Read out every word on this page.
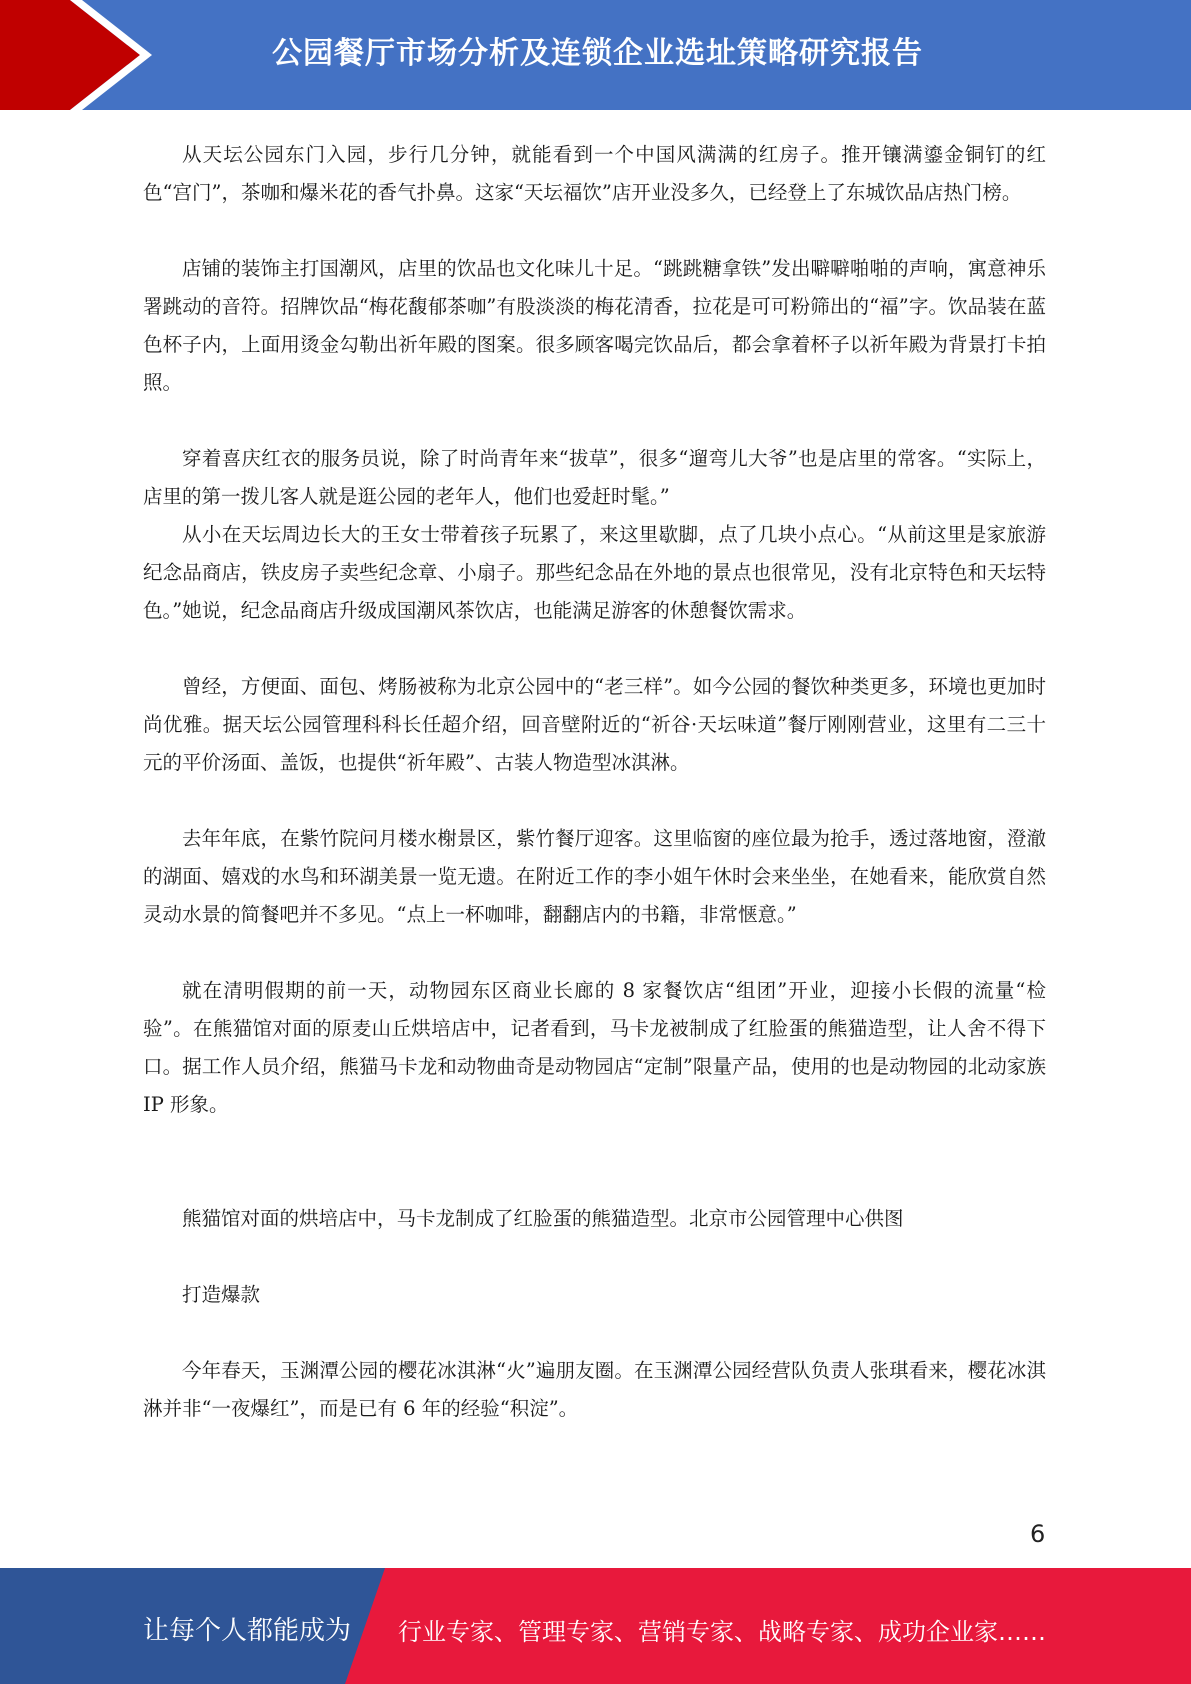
公园餐厅市场分析及连锁企业选址策略研究报告

从天坛公园东门入园，步行几分钟，就能看到一个中国风满满的红房子。推开镶满鎏金铜钉的红色“宫门”，茶咖和爆米花的香气扑鼻。这家“天坛福饮”店开业没多久，已经登上了东城饮品店热门榜。

店铺的装饰主打国潮风，店里的饮品也文化味儿十足。“跳跳糖拿铁”发出噼噼啪啪的声响，寓意神乐署跳动的音符。招牌饮品“梅花馥郁茶咖”有股淡淡的梅花清香，拉花是可可粉筛出的“福”字。饮品装在蓝色杯子内，上面用烫金勾勒出祈年殿的图案。很多顾客喝完饮品后，都会拿着杯子以祈年殿为背景打卡拍照。

穿着喜庆红衣的服务员说，除了时尚青年来“拔草”，很多“遛弯儿大爷”也是店里的常客。“实际上，店里的第一拨儿客人就是逛公园的老年人，他们也爱赶时髦。”

从小在天坛周边长大的王女士带着孩子玩累了，来这里歇脚，点了几块小点心。“从前这里是家旅游纪念品商店，铁皮房子卖些纪念章、小扇子。那些纪念品在外地的景点也很常见，没有北京特色和天坛特色。”她说，纪念品商店升级成国潮风茶饮店，也能满足游客的休憩餐饮需求。

曾经，方便面、面包、烤肠被称为北京公园中的“老三样”。如今公园的餐饮种类更多，环境也更加时尚优雅。据天坛公园管理科科长任超介绍，回音壁附近的“祈谷·天坛味道”餐厅刚刚营业，这里有二三十元的平价汤面、盖饭，也提供“祈年殿”、古装人物造型冰淇淋。

去年年底，在紫竹院问月楼水榭景区，紫竹餐厅迎客。这里临窗的座位最为抢手，透过落地窗，澄澈的湖面、嬉戏的水鸟和环湖美景一览无遗。在附近工作的李小姐午休时会来坐坐，在她看来，能欣赏自然灵动水景的简餐吧并不多见。“点上一杯咖啡，翻翻店内的书籍，非常惬意。”

就在清明假期的前一天，动物园东区商业长廊的 8 家餐饮店“组团”开业，迎接小长假的流量“检验”。在熊猫馆对面的原麦山丘烘培店中，记者看到，马卡龙被制成了红脸蛋的熊猫造型，让人舍不得下口。据工作人员介绍，熊猫马卡龙和动物曲奇是动物园店“定制”限量产品，使用的也是动物园的北动家族 IP 形象。

熊猫馆对面的烘培店中，马卡龙制成了红脸蛋的熊猫造型。北京市公园管理中心供图

打造爆款

今年春天，玉渊潭公园的樱花冰淇淋“火”遍朋友圈。在玉渊潭公园经营队负责人张琪看来，樱花冰淇淋并非“一夜爆红”，而是已有 6 年的经验“积淀”。

6
让每个人都能成为 行业专家、管理专家、营销专家、战略专家、成功企业家……
